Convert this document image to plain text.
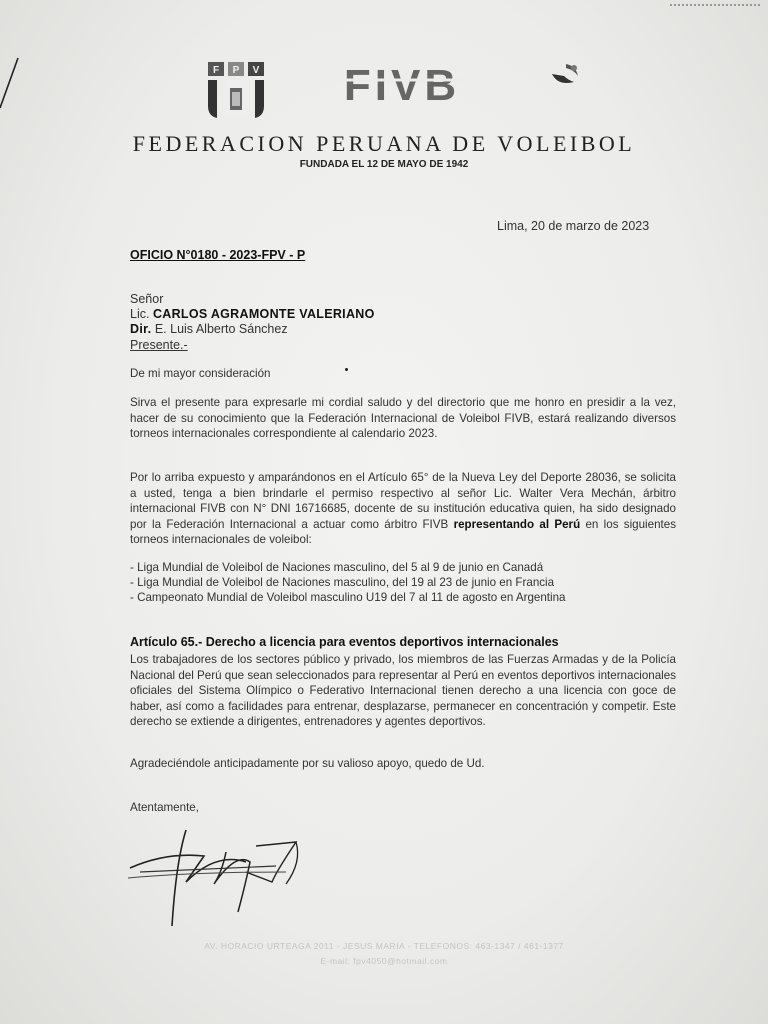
F P V FIVB
FEDERACION PERUANA DE VOLEIBOL
FUNDADA EL 12 DE MAYO DE 1942
Lima, 20 de marzo de 2023
OFICIO N°0180 - 2023-FPV - P
Señor
Lic. CARLOS AGRAMONTE VALERIANO
Dir. E. Luis Alberto Sánchez
Presente.-
De mi mayor consideración
Sirva el presente para expresarle mi cordial saludo y del directorio que me honro en presidir a la vez, hacer de su conocimiento que la Federación Internacional de Voleibol FIVB, estará realizando diversos torneos internacionales correspondiente al calendario 2023.
Por lo arriba expuesto y amparándonos en el Artículo 65° de la Nueva Ley del Deporte 28036, se solicita a usted, tenga a bien brindarle el permiso respectivo al señor Lic. Walter Vera Mechán, árbitro internacional FIVB con N° DNI 16716685, docente de su institución educativa quien, ha sido designado por la Federación Internacional a actuar como árbitro FIVB representando al Perú en los siguientes torneos internacionales de voleibol:
- Liga Mundial de Voleibol de Naciones masculino, del 5 al 9 de junio en Canadá
- Liga Mundial de Voleibol de Naciones masculino, del 19 al 23 de junio en Francia
- Campeonato Mundial de Voleibol masculino U19 del 7 al 11 de agosto en Argentina
Artículo 65.- Derecho a licencia para eventos deportivos internacionales
Los trabajadores de los sectores público y privado, los miembros de las Fuerzas Armadas y de la Policía Nacional del Perú que sean seleccionados para representar al Perú en eventos deportivos internacionales oficiales del Sistema Olímpico o Federativo Internacional tienen derecho a una licencia con goce de haber, así como a facilidades para entrenar, desplazarse, permanecer en concentración y competir. Este derecho se extiende a dirigentes, entrenadores y agentes deportivos.
Agradeciéndole anticipadamente por su valioso apoyo, quedo de Ud.
Atentamente,
AV. HORACIO URTEAGA 2011 - JESUS MARIA - TELEFONOS: 463-1347 / 461-1377
E-mail: fpv4050@hotmail.com
